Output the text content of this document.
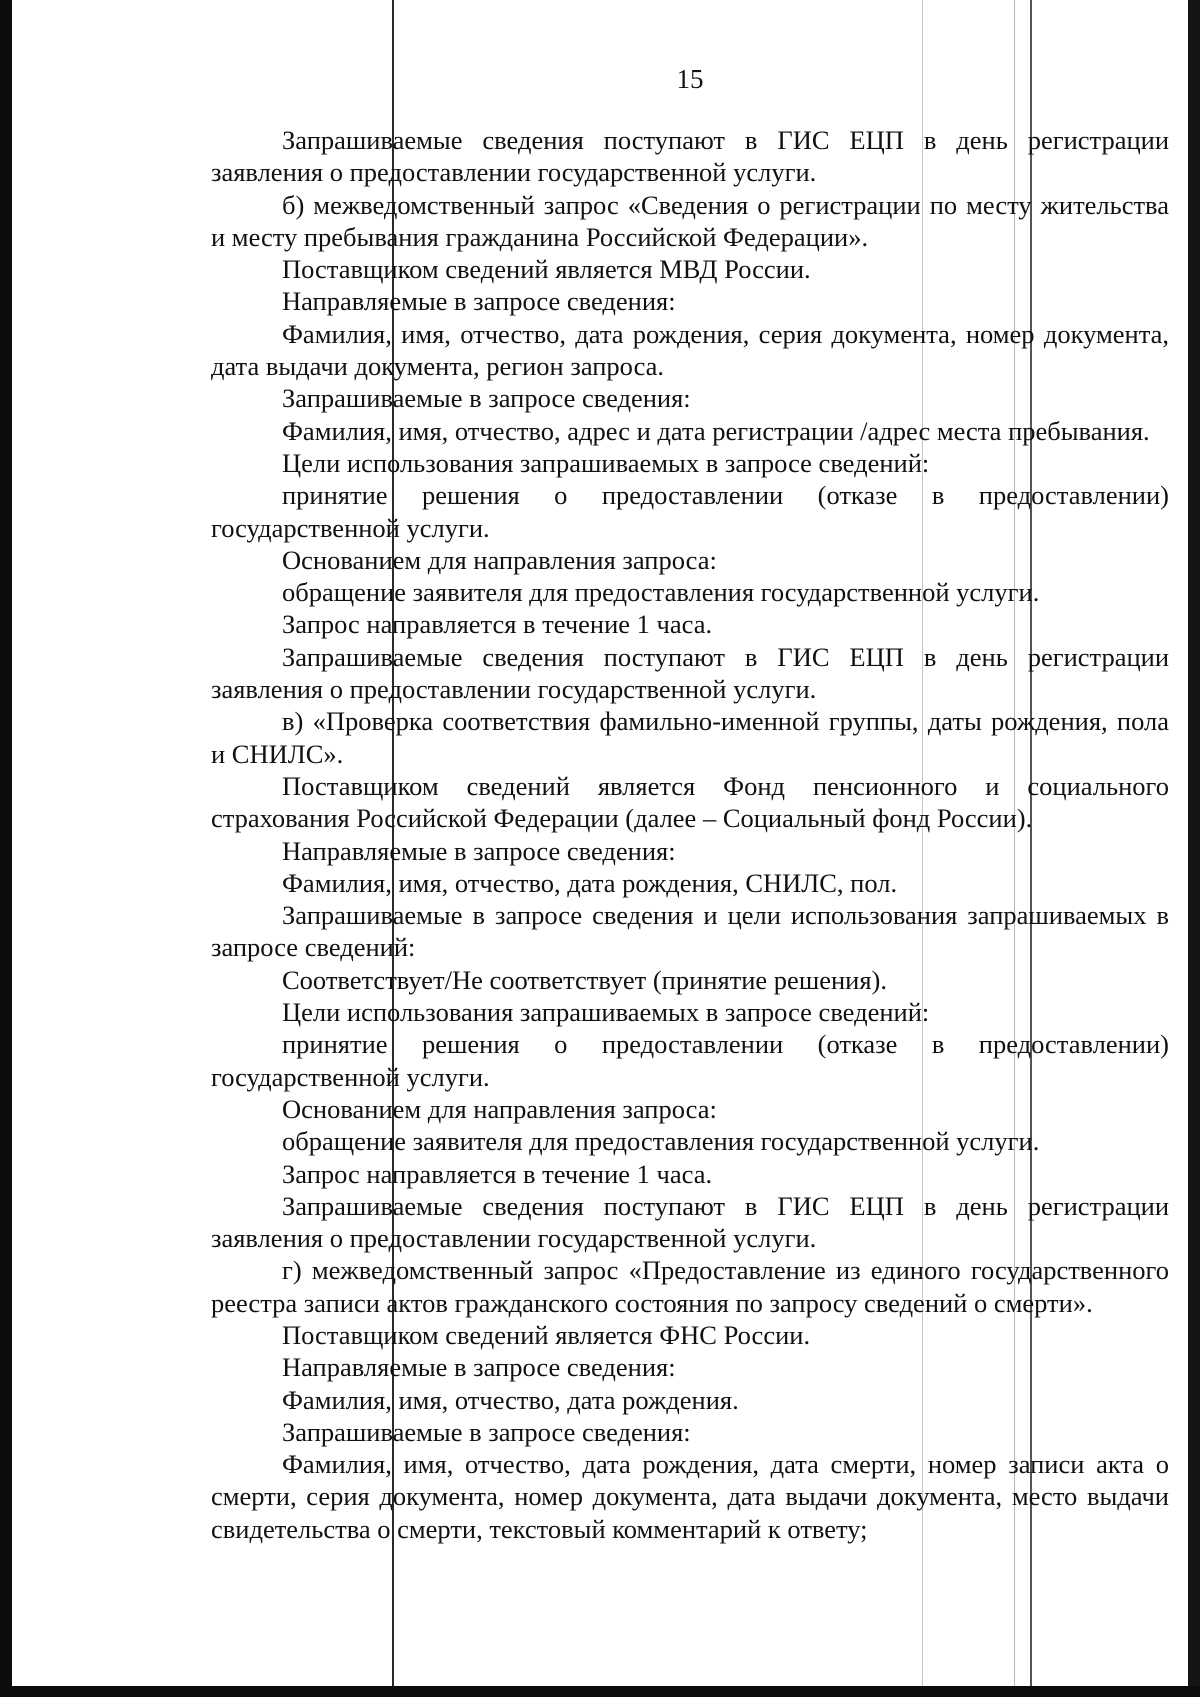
15

Запрашиваемые сведения поступают в ГИС ЕЦП в день регистрации заявления о предоставлении государственной услуги.

б) межведомственный запрос «Сведения о регистрации по месту жительства и месту пребывания гражданина Российской Федерации».

Поставщиком сведений является МВД России.

Направляемые в запросе сведения:

Фамилия, имя, отчество, дата рождения, серия документа, номер документа, дата выдачи документа, регион запроса.

Запрашиваемые в запросе сведения:

Фамилия, имя, отчество, адрес и дата регистрации /адрес места пребывания.

Цели использования запрашиваемых в запросе сведений:

принятие решения о предоставлении (отказе в предоставлении) государственной услуги.

Основанием для направления запроса:

обращение заявителя для предоставления государственной услуги.

Запрос направляется в течение 1 часа.

Запрашиваемые сведения поступают в ГИС ЕЦП в день регистрации заявления о предоставлении государственной услуги.

в) «Проверка соответствия фамильно-именной группы, даты рождения, пола и СНИЛС».

Поставщиком сведений является Фонд пенсионного и социального страхования Российской Федерации (далее – Социальный фонд России).

Направляемые в запросе сведения:

Фамилия, имя, отчество, дата рождения, СНИЛС, пол.

Запрашиваемые в запросе сведения и цели использования запрашиваемых в запросе сведений:

Соответствует/Не соответствует (принятие решения).

Цели использования запрашиваемых в запросе сведений:

принятие решения о предоставлении (отказе в предоставлении) государственной услуги.

Основанием для направления запроса:

обращение заявителя для предоставления государственной услуги.

Запрос направляется в течение 1 часа.

Запрашиваемые сведения поступают в ГИС ЕЦП в день регистрации заявления о предоставлении государственной услуги.

г) межведомственный запрос «Предоставление из единого государственного реестра записи актов гражданского состояния по запросу сведений о смерти».

Поставщиком сведений является ФНС России.

Направляемые в запросе сведения:

Фамилия, имя, отчество, дата рождения.

Запрашиваемые в запросе сведения:

Фамилия, имя, отчество, дата рождения, дата смерти, номер записи акта о смерти, серия документа, номер документа, дата выдачи документа, место выдачи свидетельства о смерти, текстовый комментарий к ответу;
